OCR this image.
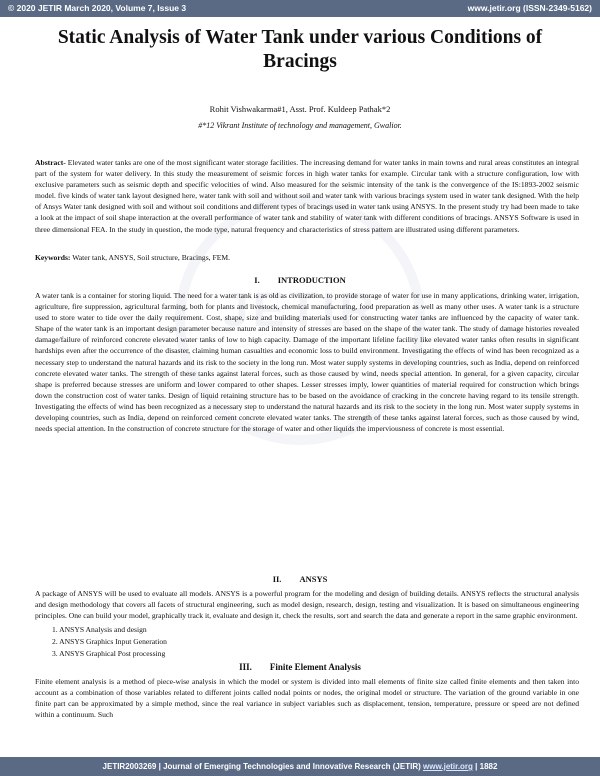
© 2020 JETIR March 2020, Volume 7, Issue 3	www.jetir.org (ISSN-2349-5162)
JETIR
Static Analysis of Water Tank under various Conditions of Bracings
Rohit Vishwakarma#1, Asst. Prof. Kuldeep Pathak*2
#*12 Vikrant Institute of technology and management, Gwalior.
Abstract- Elevated water tanks are one of the most significant water storage facilities. The increasing demand for water tanks in main towns and rural areas constitutes an integral part of the system for water delivery. In this study the measurement of seismic forces in high water tanks for example. Circular tank with a structure configuration, low with exclusive parameters such as seismic depth and specific velocities of wind. Also measured for the seismic intensity of the tank is the convergence of the IS:1893-2002 seismic model. five kinds of water tank layout designed here, water tank with soil and without soil and water tank with various bracings system used in water tank designed. With the help of Ansys Water tank designed with soil and without soil conditions and different types of bracings used in water tank using ANSYS. In the present study try had been made to take a look at the impact of soil shape interaction at the overall performance of water tank and stability of water tank with different conditions of bracings. ANSYS Software is used in three dimensional FEA. In the study in question, the mode type, natural frequency and characteristics of stress pattern are illustrated using different parameters.
Keywords: Water tank, ANSYS, Soil structure, Bracings, FEM.
I. INTRODUCTION
A water tank is a container for storing liquid. The need for a water tank is as old as civilization, to provide storage of water for use in many applications, drinking water, irrigation, agriculture, fire suppression, agricultural farming, both for plants and livestock, chemical manufacturing, food preparation as well as many other uses. A water tank is a structure used to store water to tide over the daily requirement. Cost, shape, size and building materials used for constructing water tanks are influenced by the capacity of water tank. Shape of the water tank is an important design parameter because nature and intensity of stresses are based on the shape of the water tank. The study of damage histories revealed damage/failure of reinforced concrete elevated water tanks of low to high capacity. Damage of the important lifeline facility like elevated water tanks often results in significant hardships even after the occurrence of the disaster, claiming human casualties and economic loss to build environment. Investigating the effects of wind has been recognized as a necessary step to understand the natural hazards and its risk to the society in the long run. Most water supply systems in developing countries, such as India, depend on reinforced concrete elevated water tanks. The strength of these tanks against lateral forces, such as those caused by wind, needs special attention. In general, for a given capacity, circular shape is preferred because stresses are uniform and lower compared to other shapes. Lesser stresses imply, lower quantities of material required for construction which brings down the construction cost of water tanks. Design of liquid retaining structure has to be based on the avoidance of cracking in the concrete having regard to its tensile strength. Investigating the effects of wind has been recognized as a necessary step to understand the natural hazards and its risk to the society in the long run. Most water supply systems in developing countries, such as India, depend on reinforced cement concrete elevated water tanks. The strength of these tanks against lateral forces, such as those caused by wind, needs special attention. In the construction of concrete structure for the storage of water and other liquids the imperviousness of concrete is most essential.
II. ANSYS
A package of ANSYS will be used to evaluate all models. ANSYS is a powerful program for the modeling and design of building details. ANSYS reflects the structural analysis and design methodology that covers all facets of structural engineering, such as model design, research, design, testing and visualization. It is based on simultaneous engineering principles. One can build your model, graphically track it, evaluate and design it, check the results, sort and search the data and generate a report in the same graphic environment.
1. ANSYS Analysis and design
2. ANSYS Graphics Input Generation
3. ANSYS Graphical Post processing
III. Finite Element Analysis
Finite element analysis is a method of piece-wise analysis in which the model or system is divided into mall elements of finite size called finite elements and then taken into account as a combination of those variables related to different joints called nodal points or nodes, the original model or structure. The variation of the ground variable in one finite part can be approximated by a simple method, since the real variance in subject variables such as displacement, tension, temperature, pressure or speed are not defined within a continuum. Such
JETIR2003269 | Journal of Emerging Technologies and Innovative Research (JETIR) www.jetir.org | 1882
